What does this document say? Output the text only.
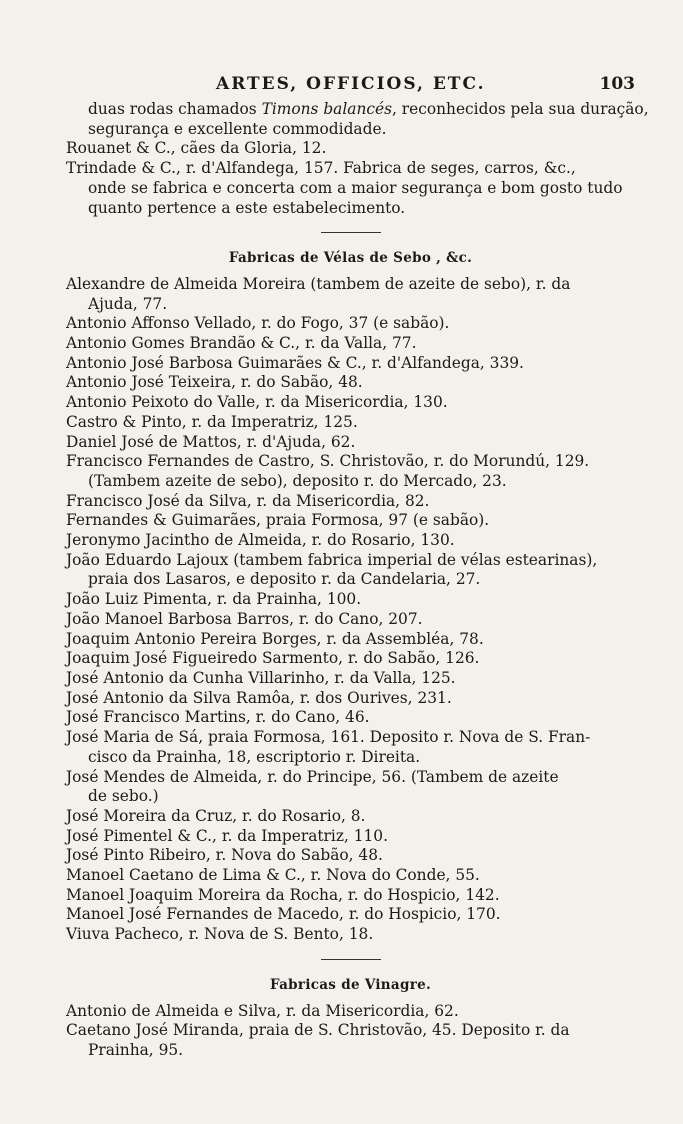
ARTES, OFFICIOS, ETC.	103
duas rodas chamados Timons balancés, reconhecidos pela sua duração,
segurança e excellente commodidade.
Rouanet & C., cães da Gloria, 12.
Trindade & C., r. d'Alfandega, 157. Fabrica de seges, carros, &c.,
onde se fabrica e concerta com a maior segurança e bom gosto tudo
quanto pertence a este estabelecimento.
Fabricas de Vélas de Sebo , &c.
Alexandre de Almeida Moreira (tambem de azeite de sebo), r. da
Ajuda, 77.
Antonio Affonso Vellado, r. do Fogo, 37 (e sabão).
Antonio Gomes Brandão & C., r. da Valla, 77.
Antonio José Barbosa Guimarães & C., r. d'Alfandega, 339.
Antonio José Teixeira, r. do Sabão, 48.
Antonio Peixoto do Valle, r. da Misericordia, 130.
Castro & Pinto, r. da Imperatriz, 125.
Daniel José de Mattos, r. d'Ajuda, 62.
Francisco Fernandes de Castro, S. Christovão, r. do Morundú, 129.
(Tambem azeite de sebo), deposito r. do Mercado, 23.
Francisco José da Silva, r. da Misericordia, 82.
Fernandes & Guimarães, praia Formosa, 97 (e sabão).
Jeronymo Jacintho de Almeida, r. do Rosario, 130.
João Eduardo Lajoux (tambem fabrica imperial de vélas estearinas),
praia dos Lasaros, e deposito r. da Candelaria, 27.
João Luiz Pimenta, r. da Prainha, 100.
João Manoel Barbosa Barros, r. do Cano, 207.
Joaquim Antonio Pereira Borges, r. da Assembléa, 78.
Joaquim José Figueiredo Sarmento, r. do Sabão, 126.
José Antonio da Cunha Villarinho, r. da Valla, 125.
José Antonio da Silva Ramôa, r. dos Ourives, 231.
José Francisco Martins, r. do Cano, 46.
José Maria de Sá, praia Formosa, 161. Deposito r. Nova de S. Fran-
cisco da Prainha, 18, escriptorio r. Direita.
José Mendes de Almeida, r. do Principe, 56. (Tambem de azeite
de sebo.)
José Moreira da Cruz, r. do Rosario, 8.
José Pimentel & C., r. da Imperatriz, 110.
José Pinto Ribeiro, r. Nova do Sabão, 48.
Manoel Caetano de Lima & C., r. Nova do Conde, 55.
Manoel Joaquim Moreira da Rocha, r. do Hospicio, 142.
Manoel José Fernandes de Macedo, r. do Hospicio, 170.
Viuva Pacheco, r. Nova de S. Bento, 18.
Fabricas de Vinagre.
Antonio de Almeida e Silva, r. da Misericordia, 62.
Caetano José Miranda, praia de S. Christovão, 45. Deposito r. da
Prainha, 95.
